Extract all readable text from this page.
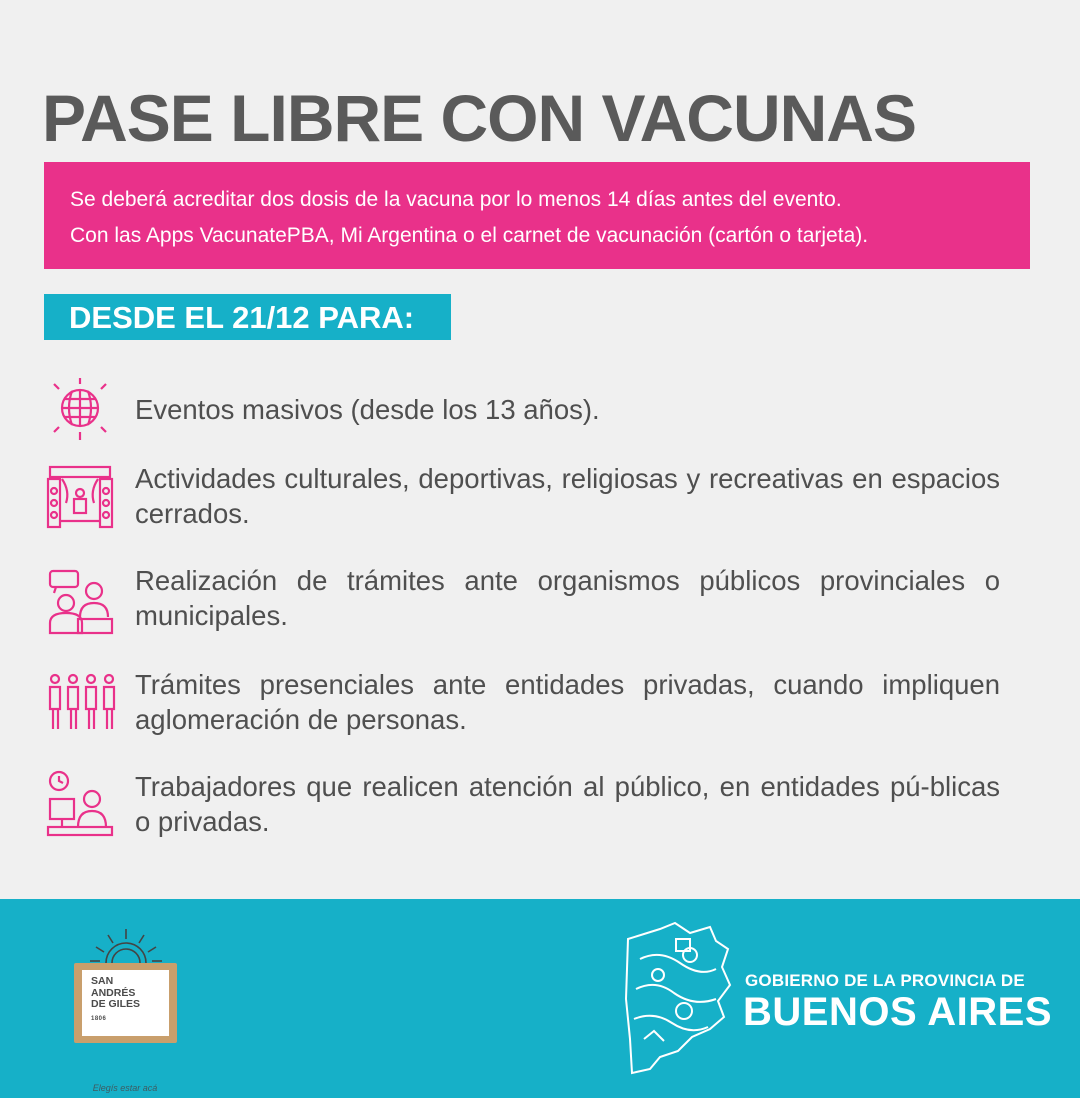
PASE LIBRE CON VACUNAS
Se deberá acreditar dos dosis de la vacuna por lo menos 14 días antes del evento.
Con las Apps VacunatePBA, Mi Argentina o el carnet de vacunación (cartón o tarjeta).
DESDE EL 21/12 PARA:
Eventos masivos (desde los 13 años).
Actividades culturales, deportivas, religiosas y recreativas en espacios cerrados.
Realización de trámites ante organismos públicos provinciales o municipales.
Trámites presenciales ante entidades privadas, cuando impliquen aglomeración de personas.
Trabajadores que realicen atención al público, en entidades pú-blicas o privadas.
SAN
ANDRÉS
DE GILES
1806
Elegís estar acá
GOBIERNO DE LA PROVINCIA DE
BUENOS AIRES
